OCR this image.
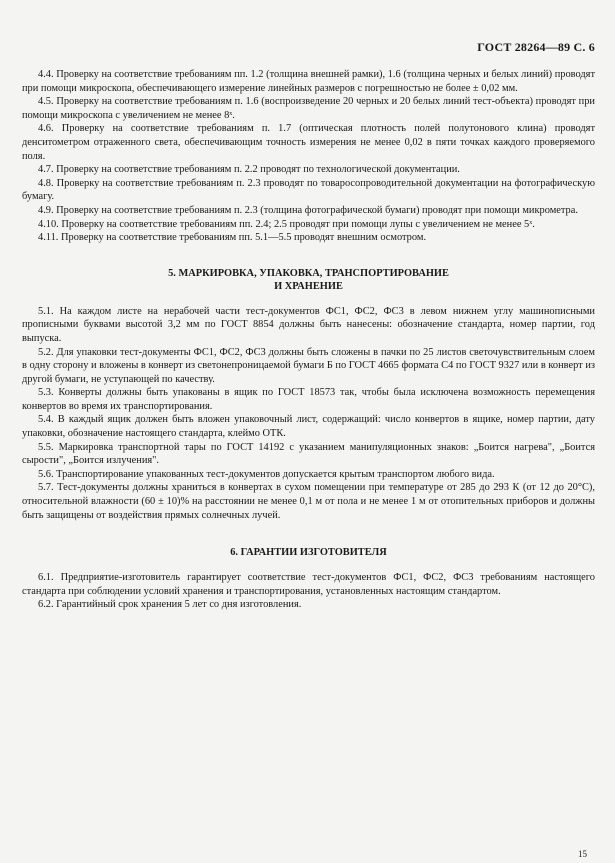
ГОСТ 28264—89 С. 6

4.4. Проверку на соответствие требованиям пп. 1.2 (толщина внешней рамки), 1.6 (толщина черных и белых линий) проводят при помощи микроскопа, обеспечивающего измерение линейных размеров с погрешностью не более ± 0,02 мм.

4.5. Проверку на соответствие требованиям п. 1.6 (воспроизведение 20 черных и 20 белых линий тест-объекта) проводят при помощи микроскопа с увеличением не менее 8ˣ.

4.6. Проверку на соответствие требованиям п. 1.7 (оптическая плотность полей полутонового клина) проводят денситометром отраженного света, обеспечивающим точность измерения не менее 0,02 в пяти точках каждого проверяемого поля.

4.7. Проверку на соответствие требованиям п. 2.2 проводят по технологической документации.

4.8. Проверку на соответствие требованиям п. 2.3 проводят по товаросопроводительной документации на фотографическую бумагу.

4.9. Проверку на соответствие требованиям п. 2.3 (толщина фотографической бумаги) проводят при помощи микрометра.

4.10. Проверку на соответствие требованиям пп. 2.4; 2.5 проводят при помощи лупы с увеличением не менее 5ˣ.

4.11. Проверку на соответствие требованиям пп. 5.1—5.5 проводят внешним осмотром.

5. МАРКИРОВКА, УПАКОВКА, ТРАНСПОРТИРОВАНИЕ
И ХРАНЕНИЕ

5.1. На каждом листе на нерабочей части тест-документов ФС1, ФС2, ФС3 в левом нижнем углу машинописными прописными буквами высотой 3,2 мм по ГОСТ 8854 должны быть нанесены: обозначение стандарта, номер партии, год выпуска.

5.2. Для упаковки тест-документы ФС1, ФС2, ФС3 должны быть сложены в пачки по 25 листов светочувствительным слоем в одну сторону и вложены в конверт из светонепроницаемой бумаги Б по ГОСТ 4665 формата С4 по ГОСТ 9327 или в конверт из другой бумаги, не уступающей по качеству.

5.3. Конверты должны быть упакованы в ящик по ГОСТ 18573 так, чтобы была исключена возможность перемещения конвертов во время их транспортирования.

5.4. В каждый ящик должен быть вложен упаковочный лист, содержащий: число конвертов в ящике, номер партии, дату упаковки, обозначение настоящего стандарта, клеймо ОТК.

5.5. Маркировка транспортной тары по ГОСТ 14192 с указанием манипуляционных знаков: „Боится нагрева", „Боится сырости", „Боится излучения".

5.6. Транспортирование упакованных тест-документов допускается крытым транспортом любого вида.

5.7. Тест-документы должны храниться в конвертах в сухом помещении при температуре от 285 до 293 К (от 12 до 20°С), относительной влажности (60 ± 10)% на расстоянии не менее 0,1 м от пола и не менее 1 м от отопительных приборов и должны быть защищены от воздействия прямых солнечных лучей.

6. ГАРАНТИИ ИЗГОТОВИТЕЛЯ

6.1. Предприятие-изготовитель гарантирует соответствие тест-документов ФС1, ФС2, ФС3 требованиям настоящего стандарта при соблюдении условий хранения и транспортирования, установленных настоящим стандартом.

6.2. Гарантийный срок хранения 5 лет со дня изготовления.

15
